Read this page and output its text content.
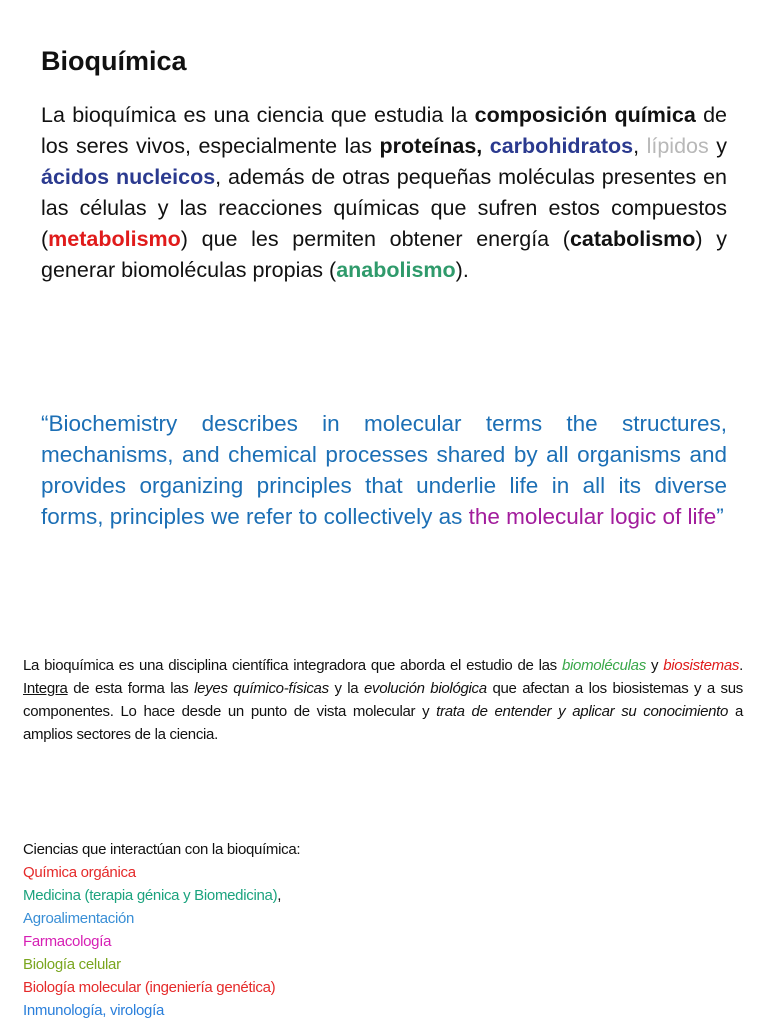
Bioquímica

La bioquímica es una ciencia que estudia la composición química de los seres vivos, especialmente las proteínas, carbohidratos, lípidos y ácidos nucleicos, además de otras pequeñas moléculas presentes en las células y las reacciones químicas que sufren estos compuestos (metabolismo) que les permiten obtener energía (catabolismo) y generar biomoléculas propias (anabolismo).

“Biochemistry describes in molecular terms the structures, mechanisms, and chemical processes shared by all organisms and provides organizing principles that underlie life in all its diverse forms, principles we refer to collectively as the molecular logic of life”

La bioquímica es una disciplina científica integradora que aborda el estudio de las biomoléculas y biosistemas. Integra de esta forma las leyes químico-físicas y la evolución biológica que afectan a los biosistemas y a sus componentes. Lo hace desde un punto de vista molecular y trata de entender y aplicar su conocimiento a amplios sectores de la ciencia.

Ciencias que interactúan con la bioquímica:
Química orgánica
Medicina (terapia génica y Biomedicina),
Agroalimentación
Farmacología
Biología celular
Biología molecular (ingeniería genética)
Inmunología, virología
